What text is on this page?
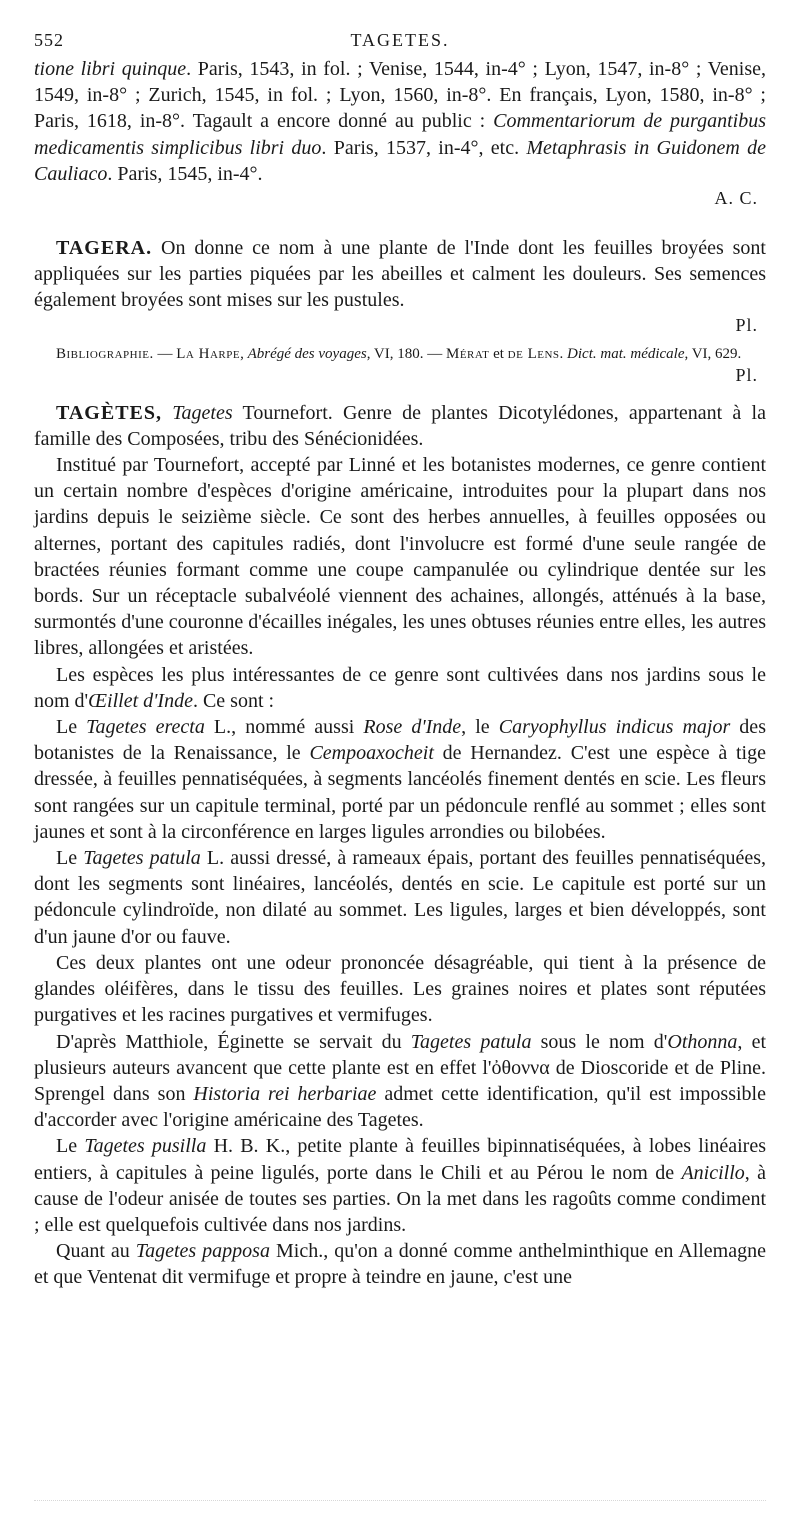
552	TAGETES.

tione libri quinque. Paris, 1543, in fol. ; Venise, 1544, in-4° ; Lyon, 1547, in-8° ; Venise, 1549, in-8° ; Zurich, 1545, in fol. ; Lyon, 1560, in-8°. En français, Lyon, 1580, in-8° ; Paris, 1618, in-8°. Tagault a encore donné au public : Commentariorum de purgantibus medicamentis simplicibus libri duo. Paris, 1537, in-4°, etc. Metaphrasis in Guidonem de Cauliaco. Paris, 1545, in-4°.

A. C.

TAGERA. On donne ce nom à une plante de l'Inde dont les feuilles broyées sont appliquées sur les parties piquées par les abeilles et calment les douleurs. Ses semences également broyées sont mises sur les pustules.

Pl.

Bibliographie. — La Harpe, Abrégé des voyages, VI, 180. — Mérat et de Lens. Dict. mat. médicale, VI, 629.

Pl.

TAGÈTES, Tagetes Tournefort. Genre de plantes Dicotylédones, appartenant à la famille des Composées, tribu des Sénécionidées.

Institué par Tournefort, accepté par Linné et les botanistes modernes, ce genre contient un certain nombre d'espèces d'origine américaine, introduites pour la plupart dans nos jardins depuis le seizième siècle. Ce sont des herbes annuelles, à feuilles opposées ou alternes, portant des capitules radiés, dont l'involucre est formé d'une seule rangée de bractées réunies formant comme une coupe campanulée ou cylindrique dentée sur les bords. Sur un réceptacle subalvéolé viennent des achaines, allongés, atténués à la base, surmontés d'une couronne d'écailles inégales, les unes obtuses réunies entre elles, les autres libres, allongées et aristées.

Les espèces les plus intéressantes de ce genre sont cultivées dans nos jardins sous le nom d'Œillet d'Inde. Ce sont :

Le Tagetes erecta L., nommé aussi Rose d'Inde, le Caryophyllus indicus major des botanistes de la Renaissance, le Cempoaxocheit de Hernandez. C'est une espèce à tige dressée, à feuilles pennatiséquées, à segments lancéolés finement dentés en scie. Les fleurs sont rangées sur un capitule terminal, porté par un pédoncule renflé au sommet ; elles sont jaunes et sont à la circonférence en larges ligules arrondies ou bilobées.

Le Tagetes patula L. aussi dressé, à rameaux épais, portant des feuilles pennatiséquées, dont les segments sont linéaires, lancéolés, dentés en scie. Le capitule est porté sur un pédoncule cylindroïde, non dilaté au sommet. Les ligules, larges et bien développés, sont d'un jaune d'or ou fauve.

Ces deux plantes ont une odeur prononcée désagréable, qui tient à la présence de glandes oléifères, dans le tissu des feuilles. Les graines noires et plates sont réputées purgatives et les racines purgatives et vermifuges.

D'après Matthiole, Éginette se servait du Tagetes patula sous le nom d'Othonna, et plusieurs auteurs avancent que cette plante est en effet l'ὀθοννα de Dioscoride et de Pline. Sprengel dans son Historia rei herbariae admet cette identification, qu'il est impossible d'accorder avec l'origine américaine des Tagetes.

Le Tagetes pusilla H. B. K., petite plante à feuilles bipinnatiséquées, à lobes linéaires entiers, à capitules à peine ligulés, porte dans le Chili et au Pérou le nom de Anicillo, à cause de l'odeur anisée de toutes ses parties. On la met dans les ragoûts comme condiment ; elle est quelquefois cultivée dans nos jardins.

Quant au Tagetes papposa Mich., qu'on a donné comme anthelminthique en Allemagne et que Ventenat dit vermifuge et propre à teindre en jaune, c'est une
